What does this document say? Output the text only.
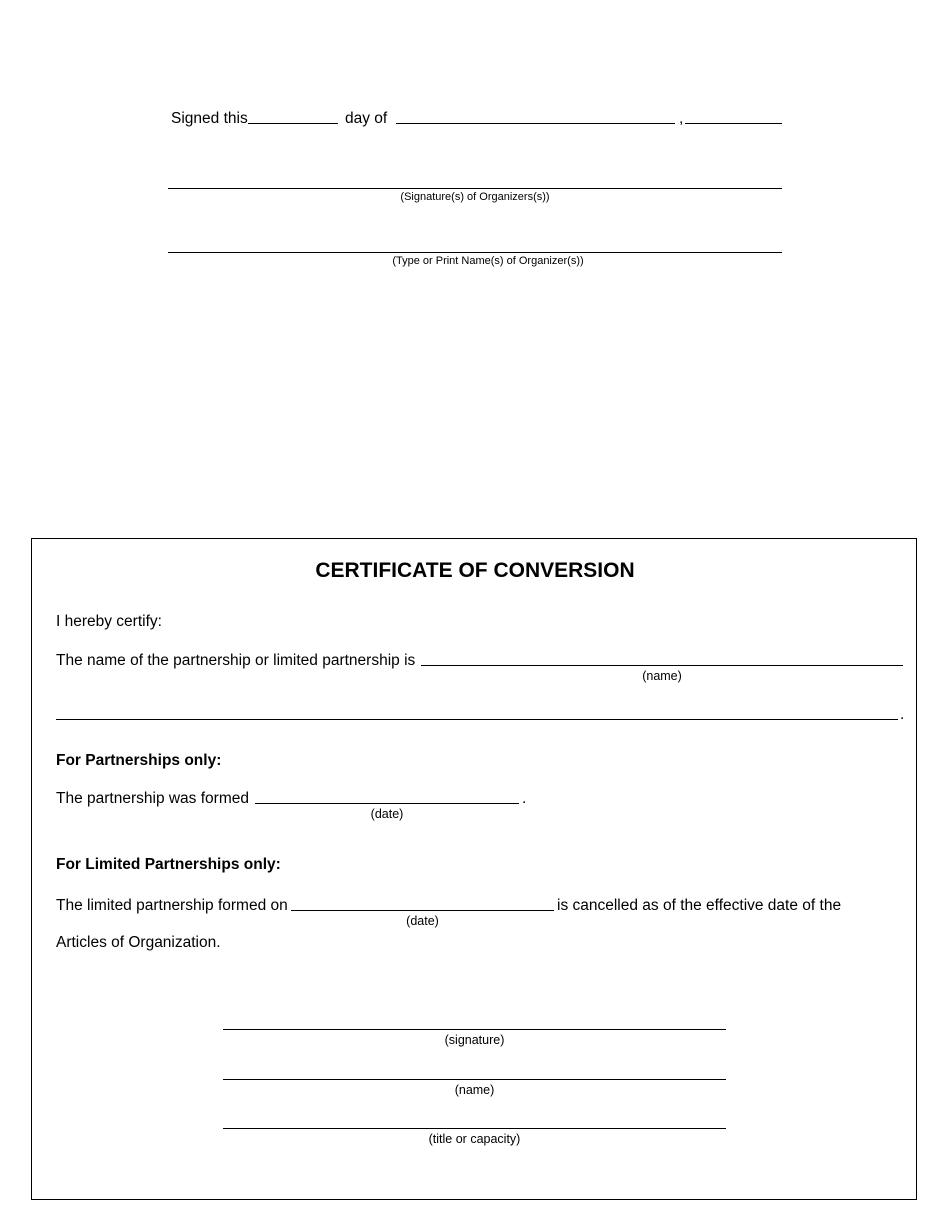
Signed this	day of	,
(Signature(s) of Organizers(s))
(Type or Print Name(s) of Organizer(s))
CERTIFICATE OF CONVERSION
I hereby certify:
The name of the partnership or limited partnership is
(name)
.
For Partnerships only:
The partnership was formed	.
(date)
For Limited Partnerships only:
The limited partnership formed on	is cancelled as of the effective date of the
(date)
Articles of Organization.
(signature)
(name)
(title or capacity)
